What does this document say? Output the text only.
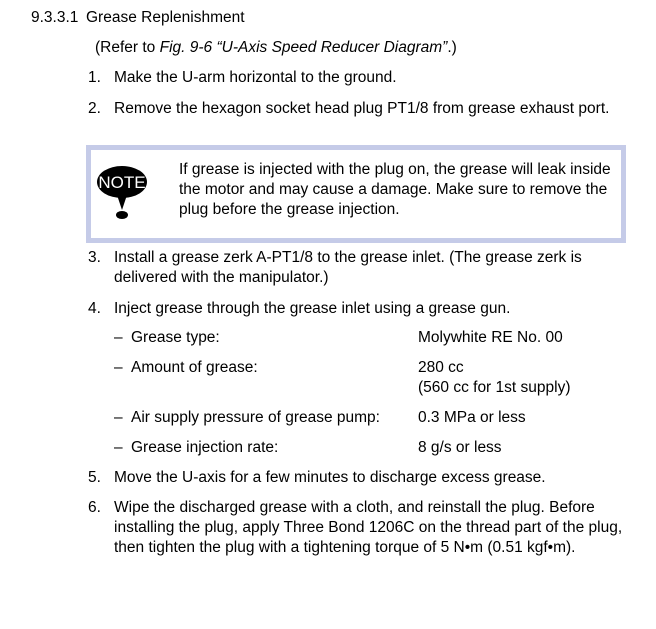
9.3.3.1 Grease Replenishment
(Refer to Fig. 9-6 “U-Axis Speed Reducer Diagram”.)
1. Make the U-arm horizontal to the ground.
2. Remove the hexagon socket head plug PT1/8 from grease exhaust port.
NOTE
If grease is injected with the plug on, the grease will leak inside the motor and may cause a damage. Make sure to remove the plug before the grease injection.
3. Install a grease zerk A-PT1/8 to the grease inlet. (The grease zerk is delivered with the manipulator.)
4. Inject grease through the grease inlet using a grease gun.
– Grease type:	Molywhite RE No. 00
– Amount of grease:	280 cc
(560 cc for 1st supply)
– Air supply pressure of grease pump: 0.3 MPa or less
– Grease injection rate:	8 g/s or less
5. Move the U-axis for a few minutes to discharge excess grease.
6. Wipe the discharged grease with a cloth, and reinstall the plug. Before installing the plug, apply Three Bond 1206C on the thread part of the plug, then tighten the plug with a tightening torque of 5 N•m (0.51 kgf•m).
